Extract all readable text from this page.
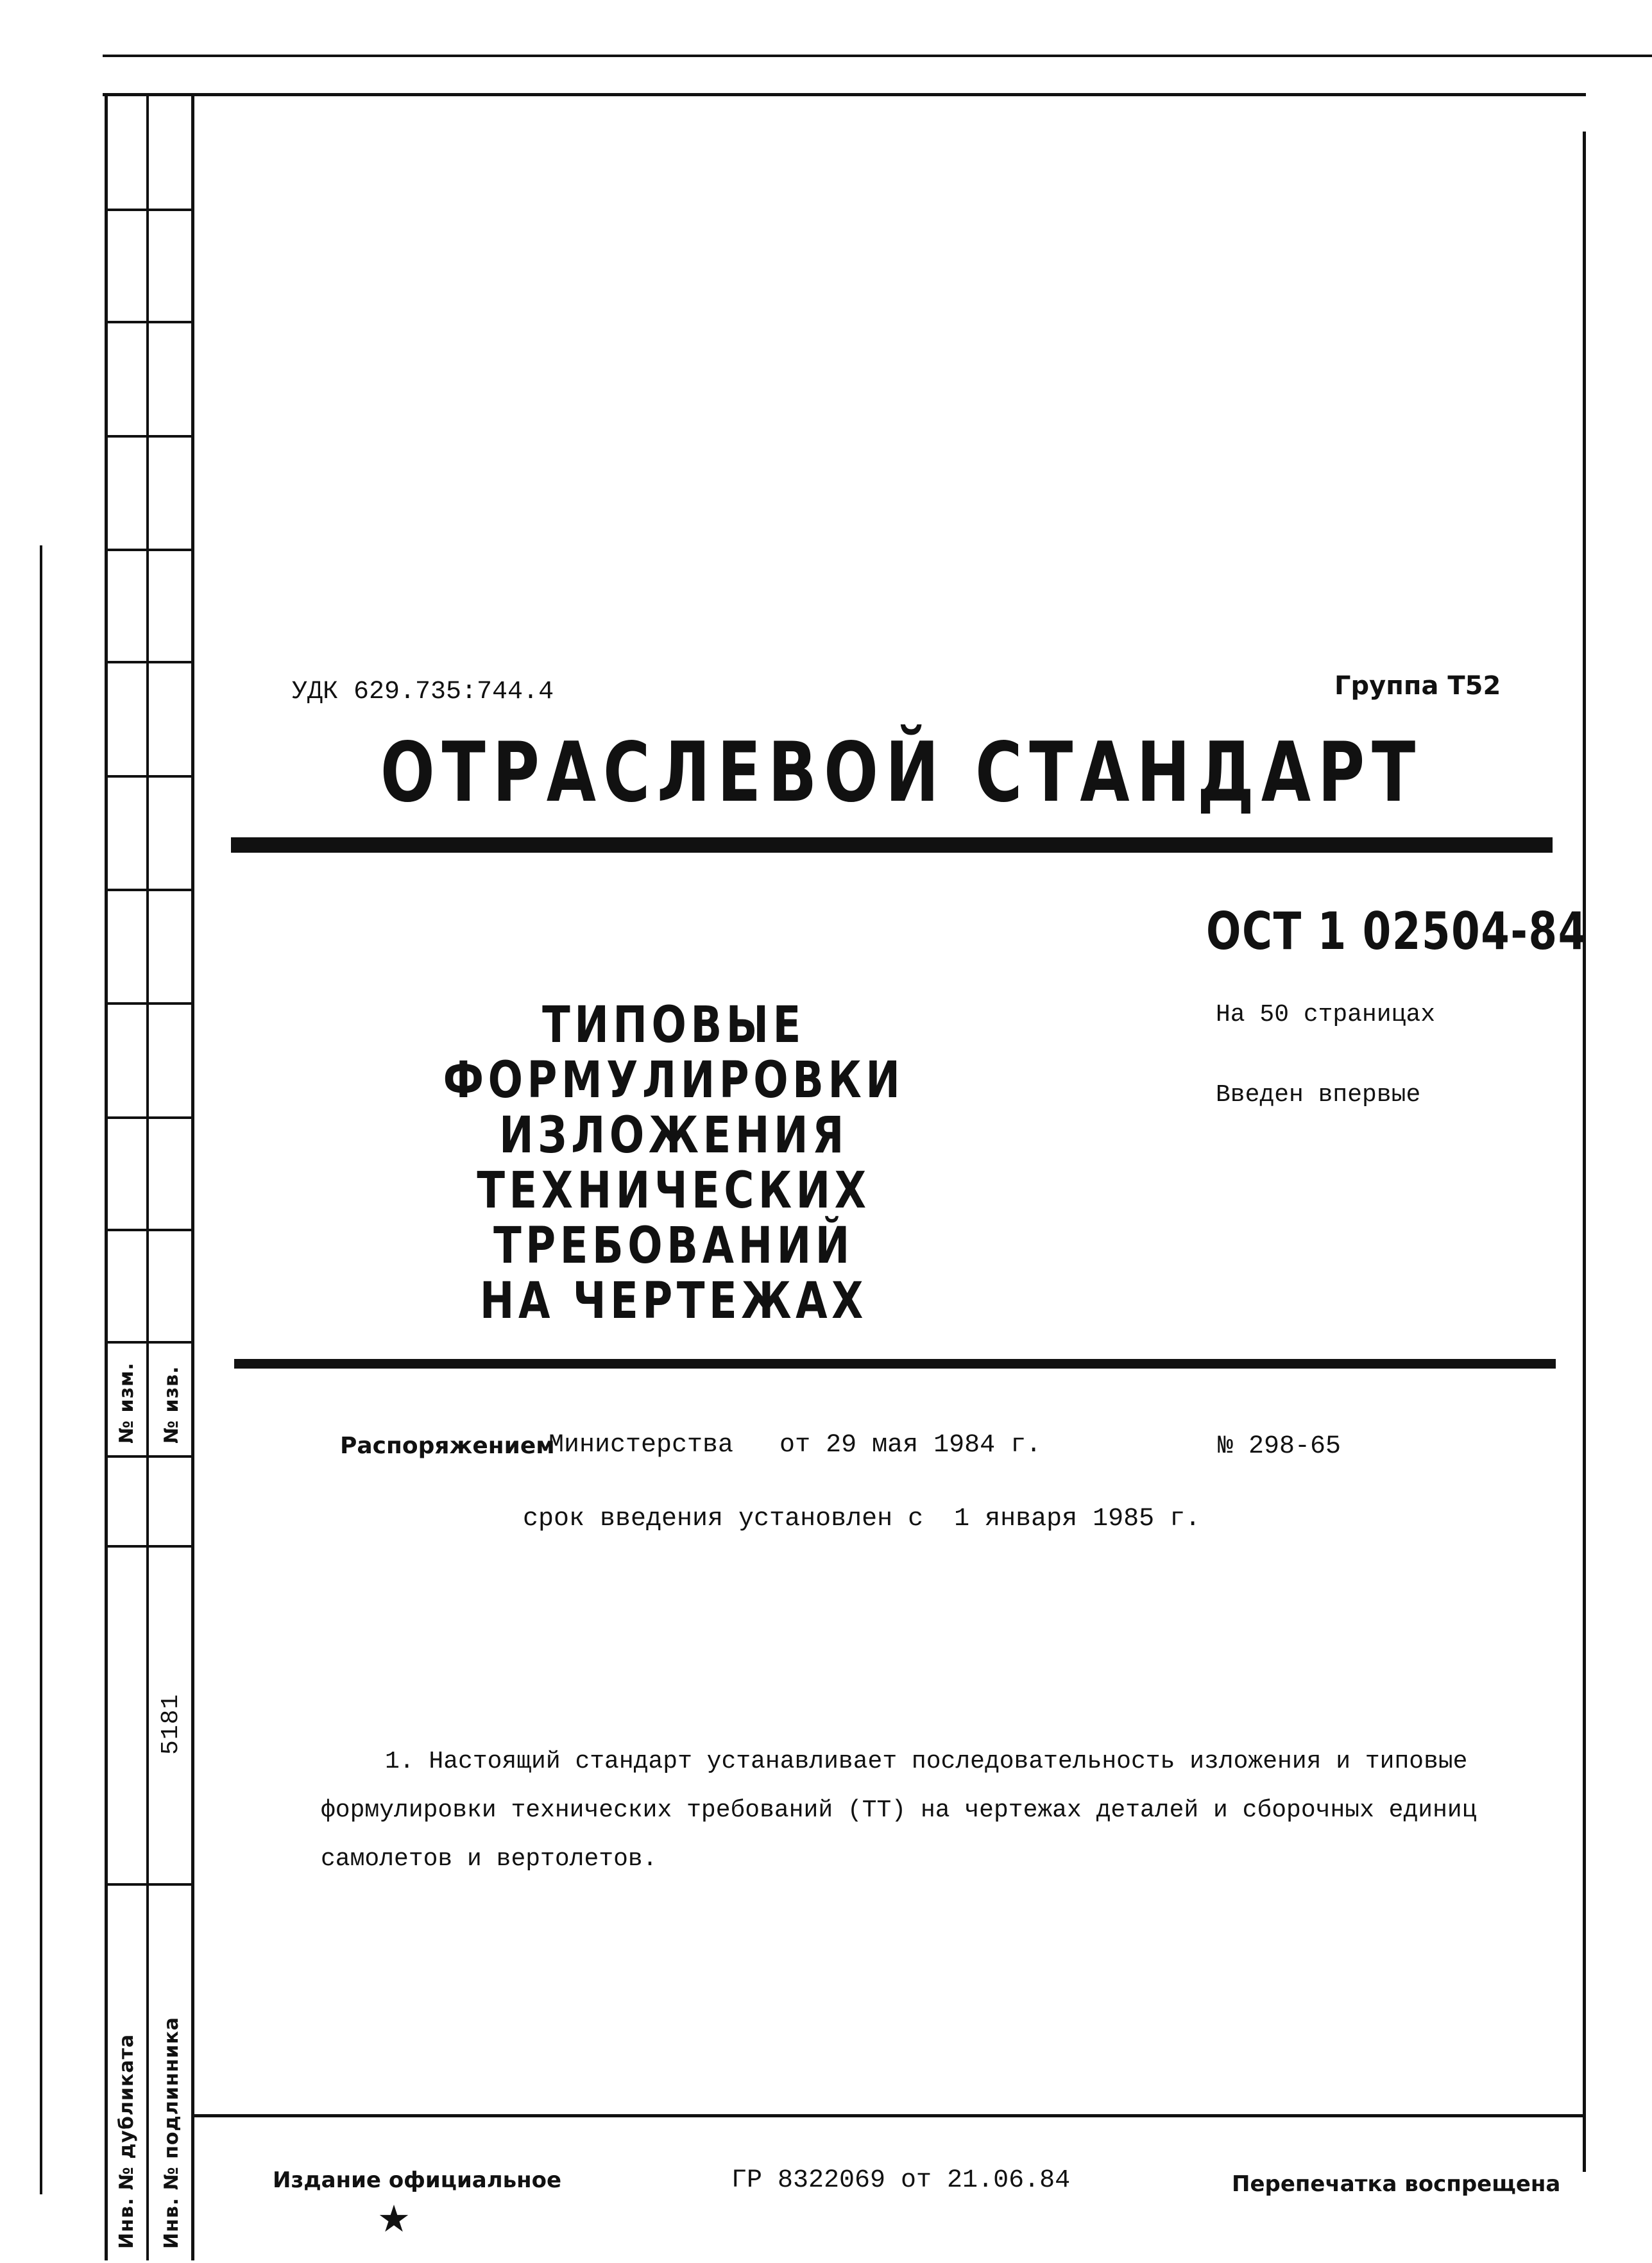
№ изм. № изв.
5181
Инв. № дубликата Инв. № подлинника
УДК 629.735:744.4	Группа Т52
ОТРАСЛЕВОЙ СТАНДАРТ
ОСТ 1 02504-84
ТИПОВЫЕ ФОРМУЛИРОВКИ ИЗЛОЖЕНИЯ
ТЕХНИЧЕСКИХ ТРЕБОВАНИЙ
НА ЧЕРТЕЖАХ
На 50 страницах
Введен впервые
Распоряжением
Министерства   от 29 мая 1984 г.	№ 298-65
срок введения установлен с  1 января 1985 г.
1. Настоящий стандарт устанавливает последовательность изложения и типовые формулировки технических требований (ТТ) на чертежах деталей и сборочных единиц самолетов и вертолетов.
Издание официальное	ГР 8322069 от 21.06.84	Перепечатка воспрещена
★
